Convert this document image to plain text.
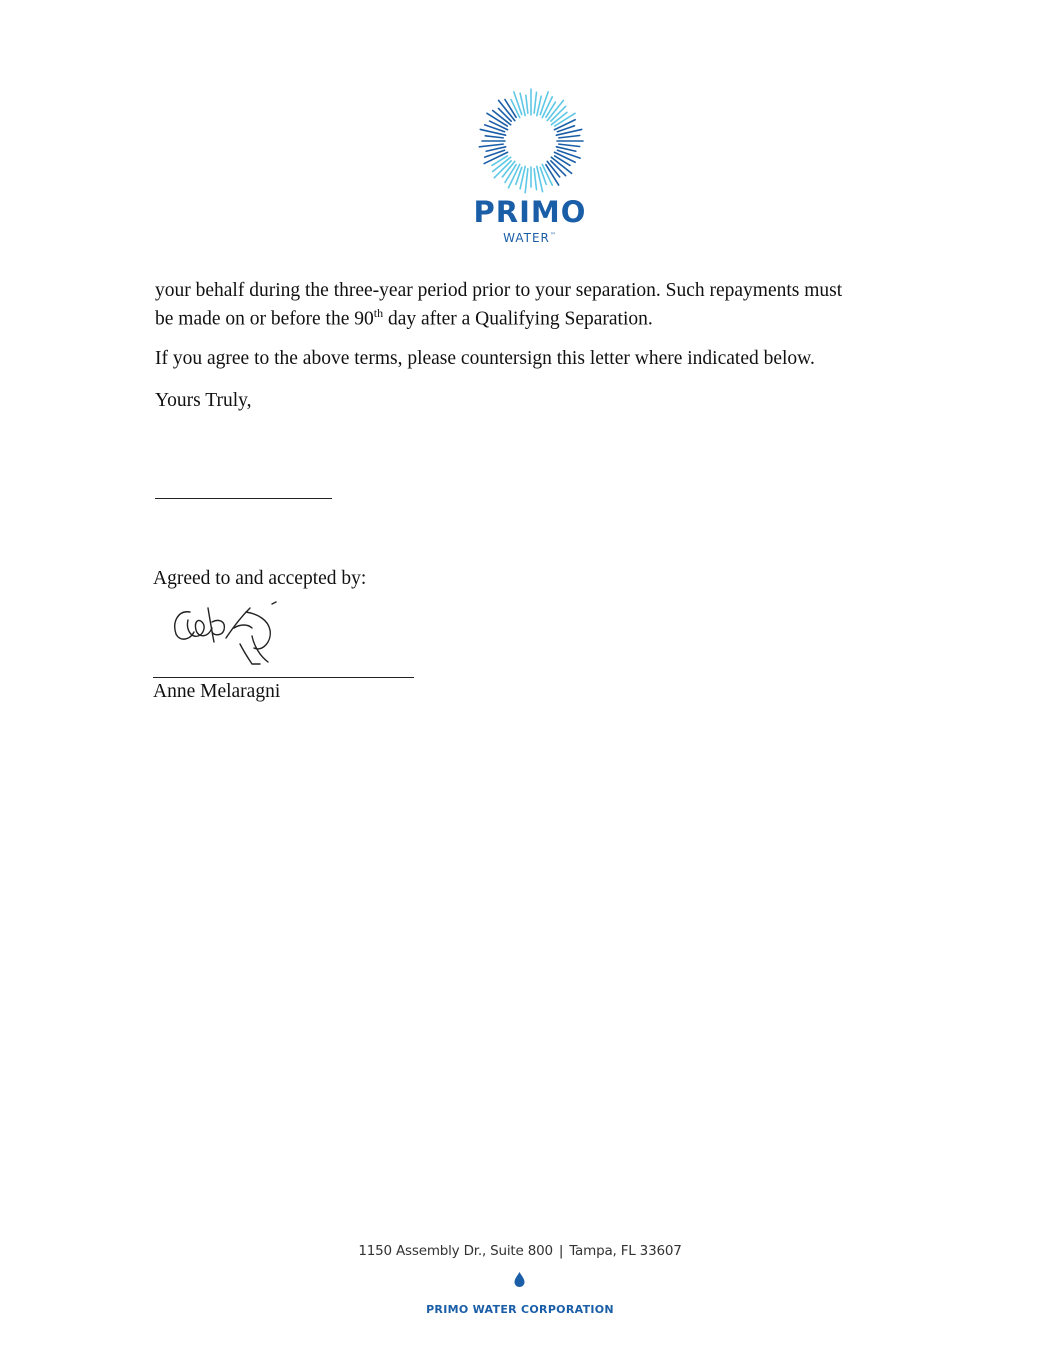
PRIMO
WATER™
your behalf during the three-year period prior to your separation. Such repayments must
be made on or before the 90th day after a Qualifying Separation.
If you agree to the above terms, please countersign this letter where indicated below.
Yours Truly,
Agreed to and accepted by:
Anne Melaragni
1150 Assembly Dr., Suite 800 | Tampa, FL 33607
PRIMO WATER CORPORATION
